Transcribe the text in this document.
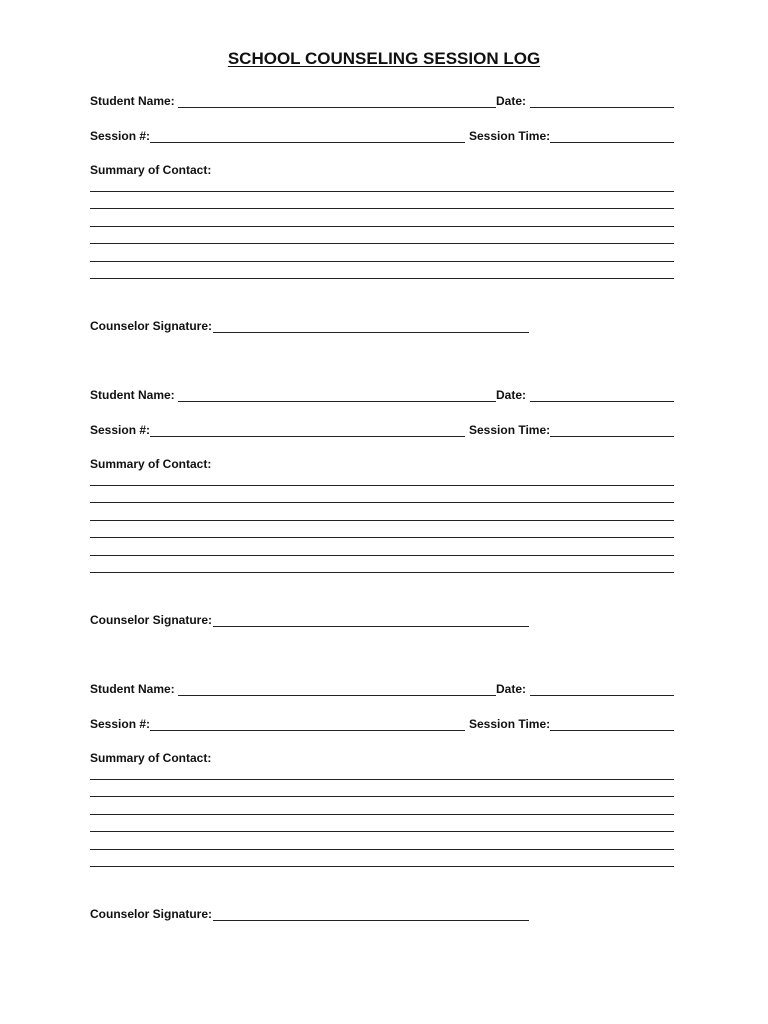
SCHOOL COUNSELING SESSION LOG
Student Name:	Date:
Session #:	Session Time:
Summary of Contact:
Counselor Signature:
Student Name:	Date:
Session #:	Session Time:
Summary of Contact:
Counselor Signature:
Student Name:	Date:
Session #:	Session Time:
Summary of Contact:
Counselor Signature:
